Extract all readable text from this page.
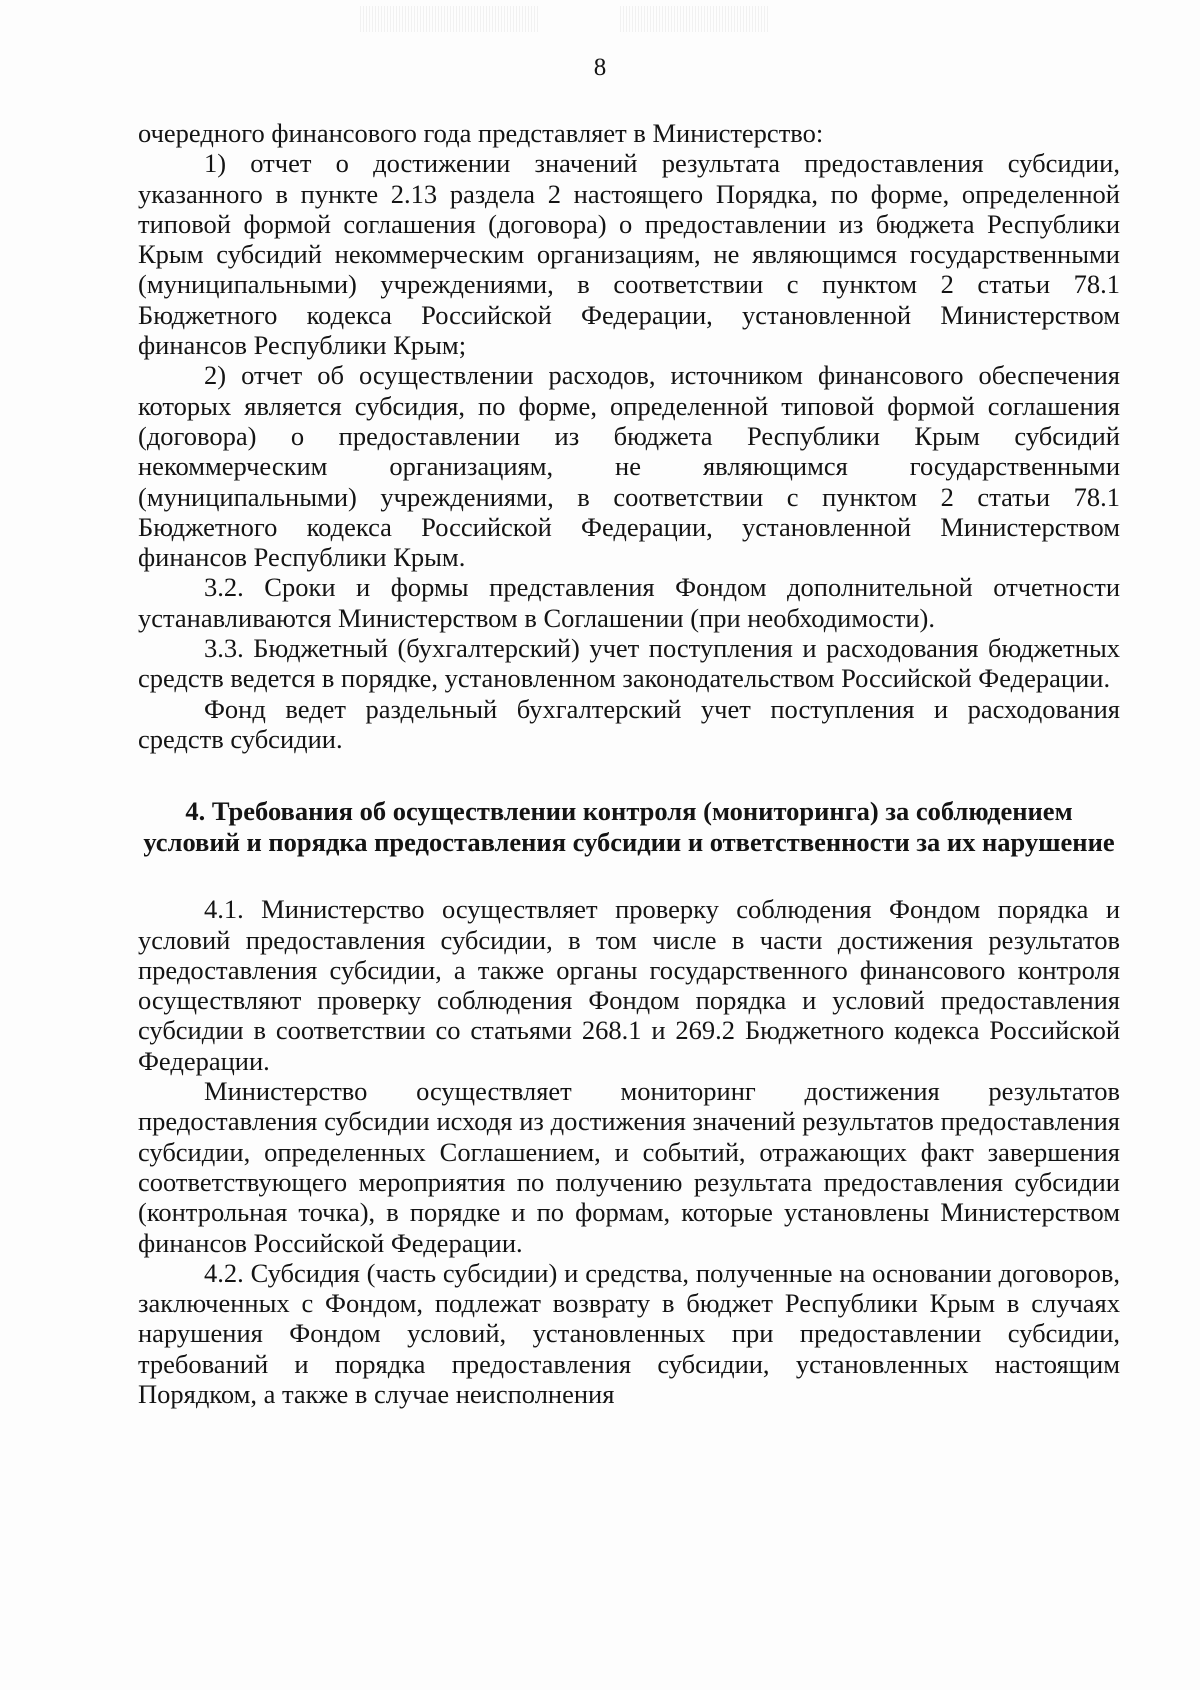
8

очередного финансового года представляет в Министерство:

1) отчет о достижении значений результата предоставления субсидии, указанного в пункте 2.13 раздела 2 настоящего Порядка, по форме, определенной типовой формой соглашения (договора) о предоставлении из бюджета Республики Крым субсидий некоммерческим организациям, не являющимся государственными (муниципальными) учреждениями, в соответствии с пунктом 2 статьи 78.1 Бюджетного кодекса Российской Федерации, установленной Министерством финансов Республики Крым;

2) отчет об осуществлении расходов, источником финансового обеспечения которых является субсидия, по форме, определенной типовой формой соглашения (договора) о предоставлении из бюджета Республики Крым субсидий некоммерческим организациям, не являющимся государственными (муниципальными) учреждениями, в соответствии с пунктом 2 статьи 78.1 Бюджетного кодекса Российской Федерации, установленной Министерством финансов Республики Крым.

3.2. Сроки и формы представления Фондом дополнительной отчетности устанавливаются Министерством в Соглашении (при необходимости).

3.3. Бюджетный (бухгалтерский) учет поступления и расходования бюджетных средств ведется в порядке, установленном законодательством Российской Федерации.

Фонд ведет раздельный бухгалтерский учет поступления и расходования средств субсидии.

4. Требования об осуществлении контроля (мониторинга) за соблюдением условий и порядка предоставления субсидии и ответственности за их нарушение

4.1. Министерство осуществляет проверку соблюдения Фондом порядка и условий предоставления субсидии, в том числе в части достижения результатов предоставления субсидии, а также органы государственного финансового контроля осуществляют проверку соблюдения Фондом порядка и условий предоставления субсидии в соответствии со статьями 268.1 и 269.2 Бюджетного кодекса Российской Федерации.

Министерство осуществляет мониторинг достижения результатов предоставления субсидии исходя из достижения значений результатов предоставления субсидии, определенных Соглашением, и событий, отражающих факт завершения соответствующего мероприятия по получению результата предоставления субсидии (контрольная точка), в порядке и по формам, которые установлены Министерством финансов Российской Федерации.

4.2. Субсидия (часть субсидии) и средства, полученные на основании договоров, заключенных с Фондом, подлежат возврату в бюджет Республики Крым в случаях нарушения Фондом условий, установленных при предоставлении субсидии, требований и порядка предоставления субсидии, установленных настоящим Порядком, а также в случае неисполнения
